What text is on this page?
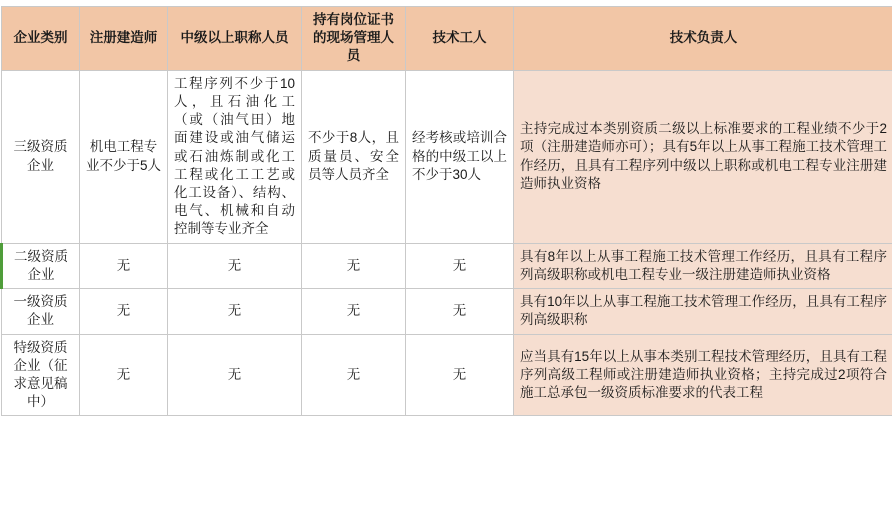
企业类别	注册建造师	中级以上职称人员	持有岗位证书的现场管理人员	技术工人	技术负责人
三级资质企业	机电工程专业不少于5人	工程序列不少于10人，且石油化工（或（油气田）地面建设或油气储运或石油炼制或化工工程或化工工艺或化工设备）、结构、电气、机械和自动控制等专业齐全	不少于8人，且质量员、安全员等人员齐全	经考核或培训合格的中级工以上不少于30人	主持完成过本类别资质二级以上标准要求的工程业绩不少于2项（注册建造师亦可）；具有5年以上从事工程施工技术管理工作经历，且具有工程序列中级以上职称或机电工程专业注册建造师执业资格
二级资质企业	无	无	无	无	具有8年以上从事工程施工技术管理工作经历，且具有工程序列高级职称或机电工程专业一级注册建造师执业资格
一级资质企业	无	无	无	无	具有10年以上从事工程施工技术管理工作经历，且具有工程序列高级职称
特级资质企业（征求意见稿中）	无	无	无	无	应当具有15年以上从事本类别工程技术管理经历，且具有工程序列高级工程师或注册建造师执业资格；主持完成过2项符合施工总承包一级资质标准要求的代表工程
